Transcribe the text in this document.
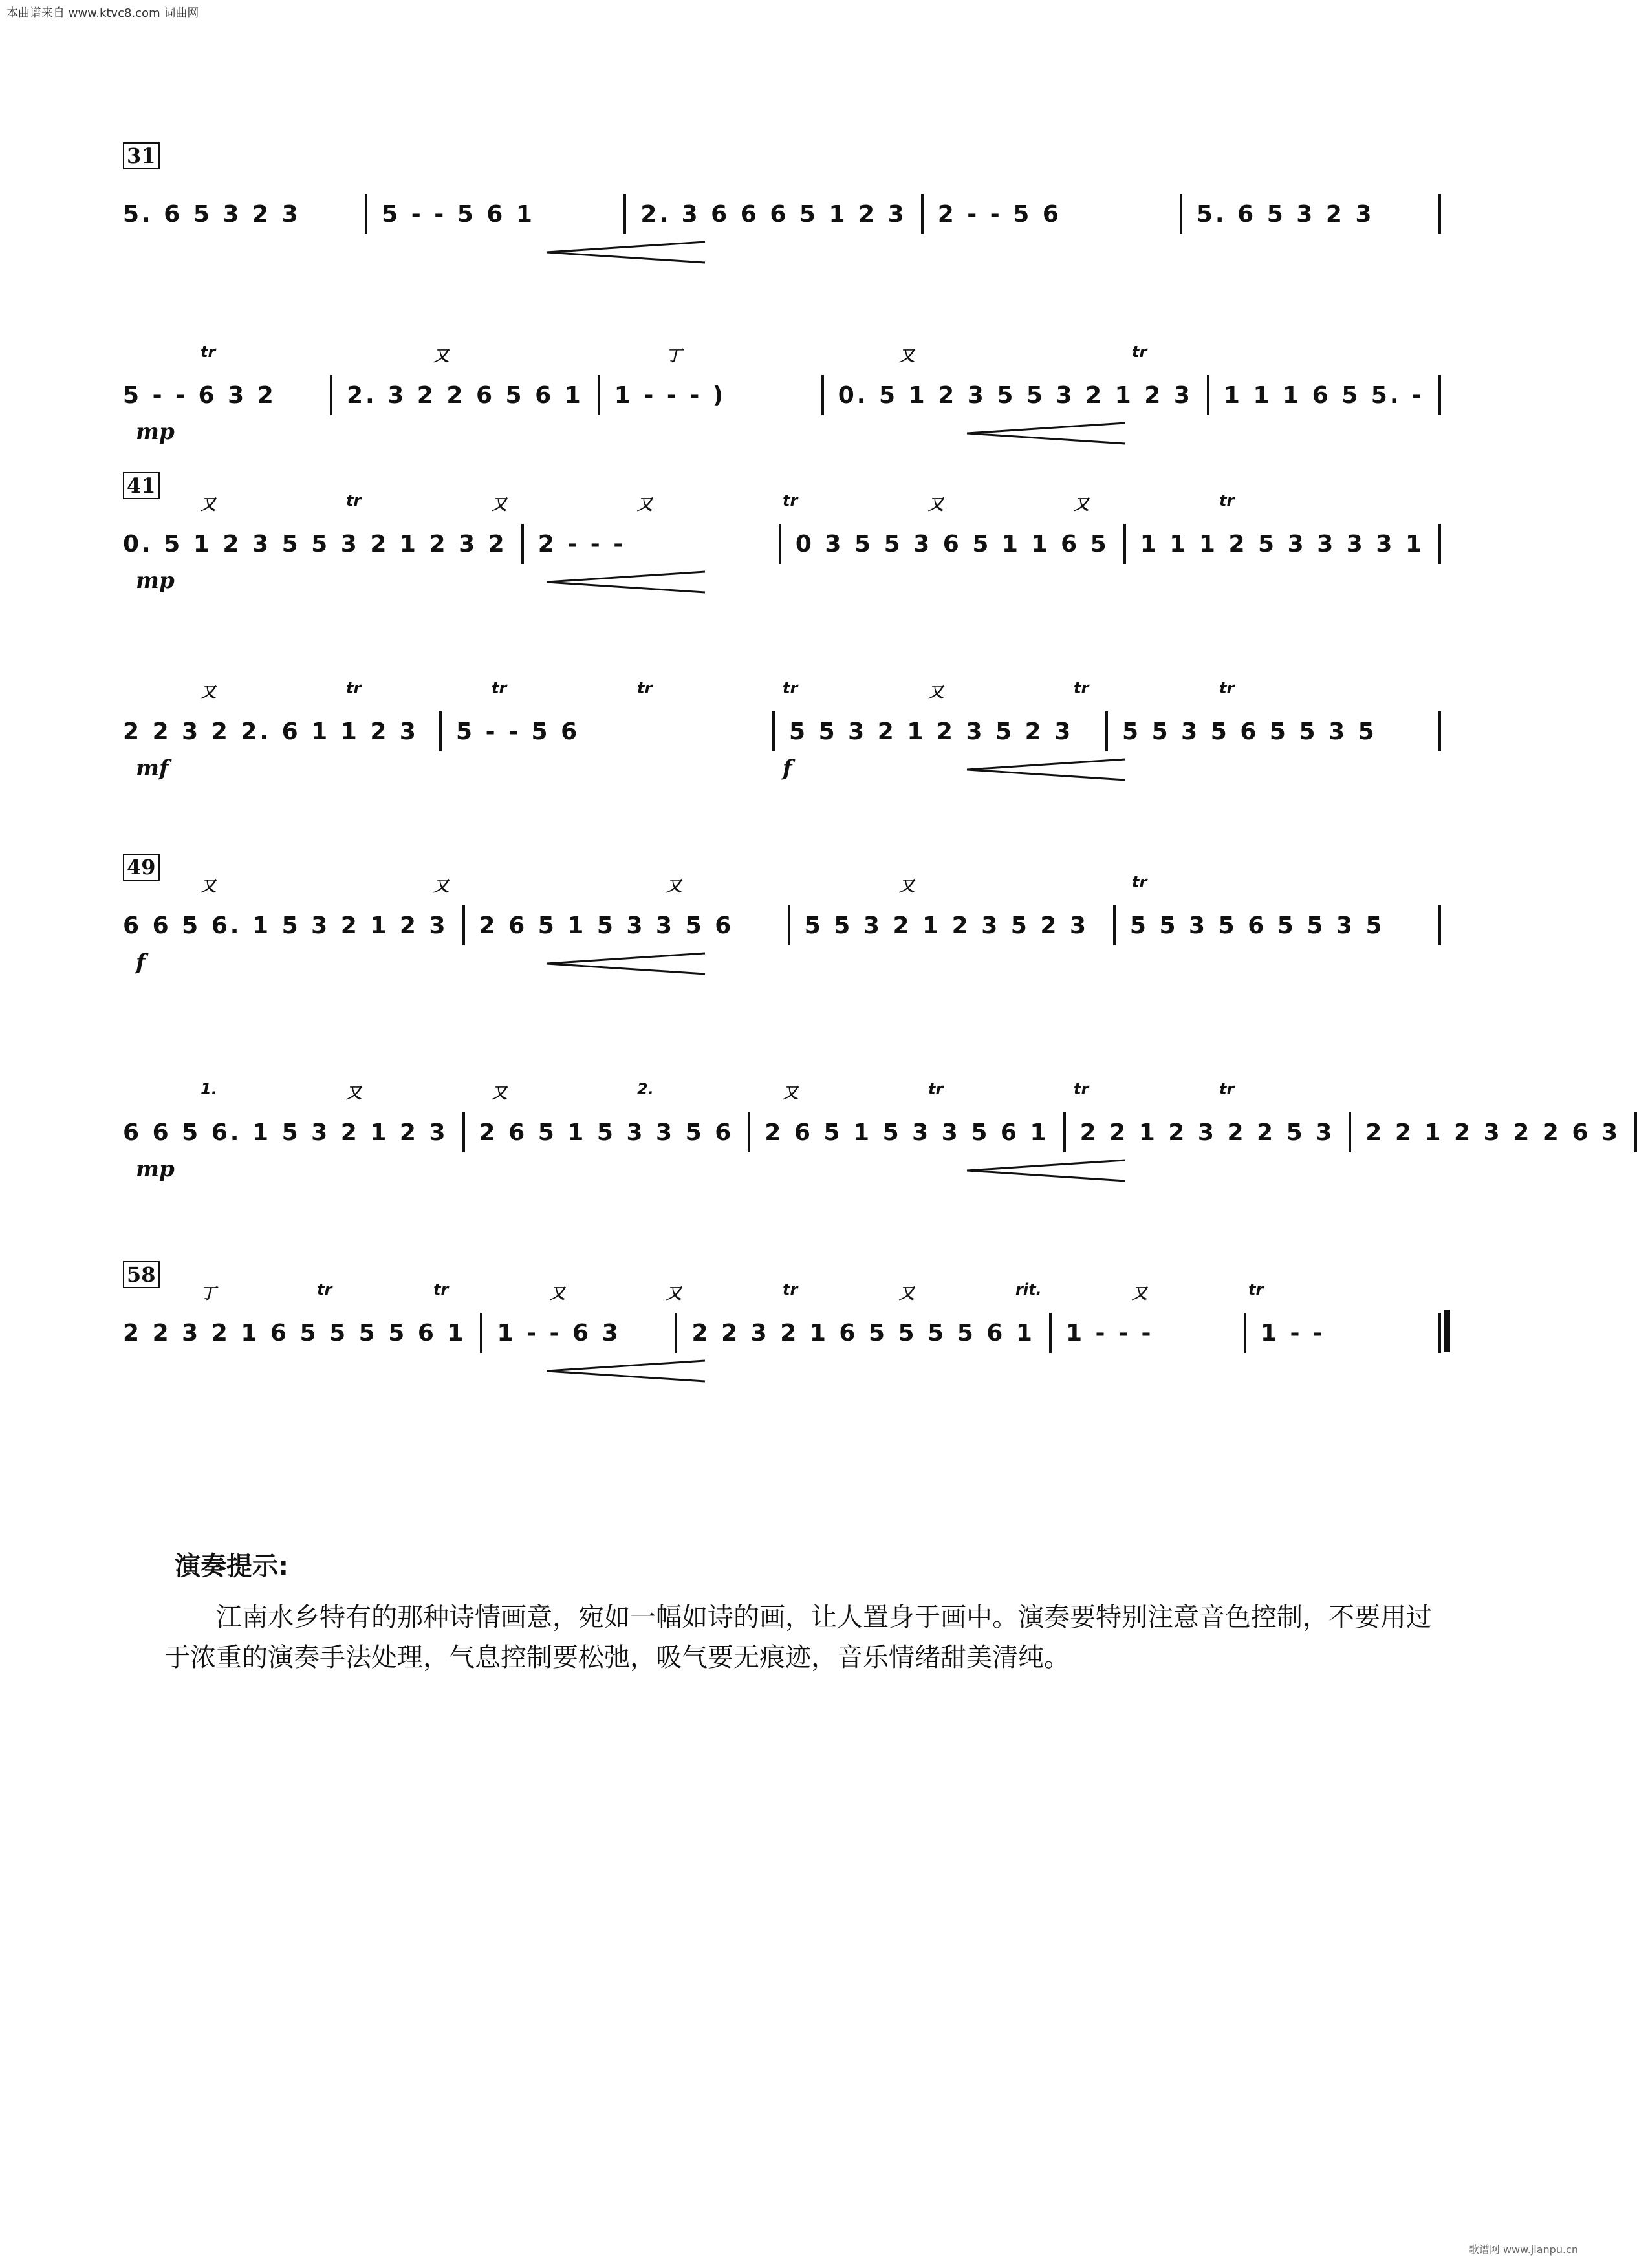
本曲谱来自 www.ktvc8.com 词曲网
31
5. 6 5 3 2 3	5 - - 5 6 1	2. 3 6 6 6 5 1 2 3 2 - - 5 6	5. 6 5 3 2 3
tr	又	丁	又	tr
5 - - 6 3 2	2. 3 2 2 6 5 6 1 1 - - - )	0. 5 1 2 3 5 5 3 2 1 2 3 1 1 1 6 5 5. -
mp
41
又	tr	又	又	tr	又	又	tr
0. 5 1 2 3 5 5 3 2 1 2 3 2 2 - - -	0 3 5 5 3 6 5 1 1 6 5 1 1 1 2 5 3 3 3 3 1
mp
又	tr	tr	tr	tr	又	tr	tr
2 2 3 2 2. 6 1 1 2 3 5 - - 5 6	5 5 3 2 1 2 3 5 2 3	5 5 3 5 6 5 5 3 5
mf	f
49
又	又	又	又	tr
6 6 5 6. 1 5 3 2 1 2 3 2 6 5 1 5 3 3 5 6	5 5 3 2 1 2 3 5 2 3	5 5 3 5 6 5 5 3 5
f
1.	又	又	2.	又	tr	tr	tr
6 6 5 6. 1 5 3 2 1 2 3 2 6 5 1 5 3 3 5 6 2 6 5 1 5 3 3 5 6 1 2 2 1 2 3 2 2 5 3 2 2 1 2 3 2 2 6 3
mp
58
丁	tr	tr	又	又	tr	又	rit.	又	tr
2 2 3 2 1 6 5 5 5 5 6 1 1 - - 6 3	2 2 3 2 1 6 5 5 5 5 6 1 1 - - -	1 - -
演奏提示:
江南水乡特有的那种诗情画意，宛如一幅如诗的画，让人置身于画中。演奏要特别注意音色控制，不要用过于浓重的演奏手法处理，气息控制要松弛，吸气要无痕迹，音乐情绪甜美清纯。
歌谱网 www.jianpu.cn
